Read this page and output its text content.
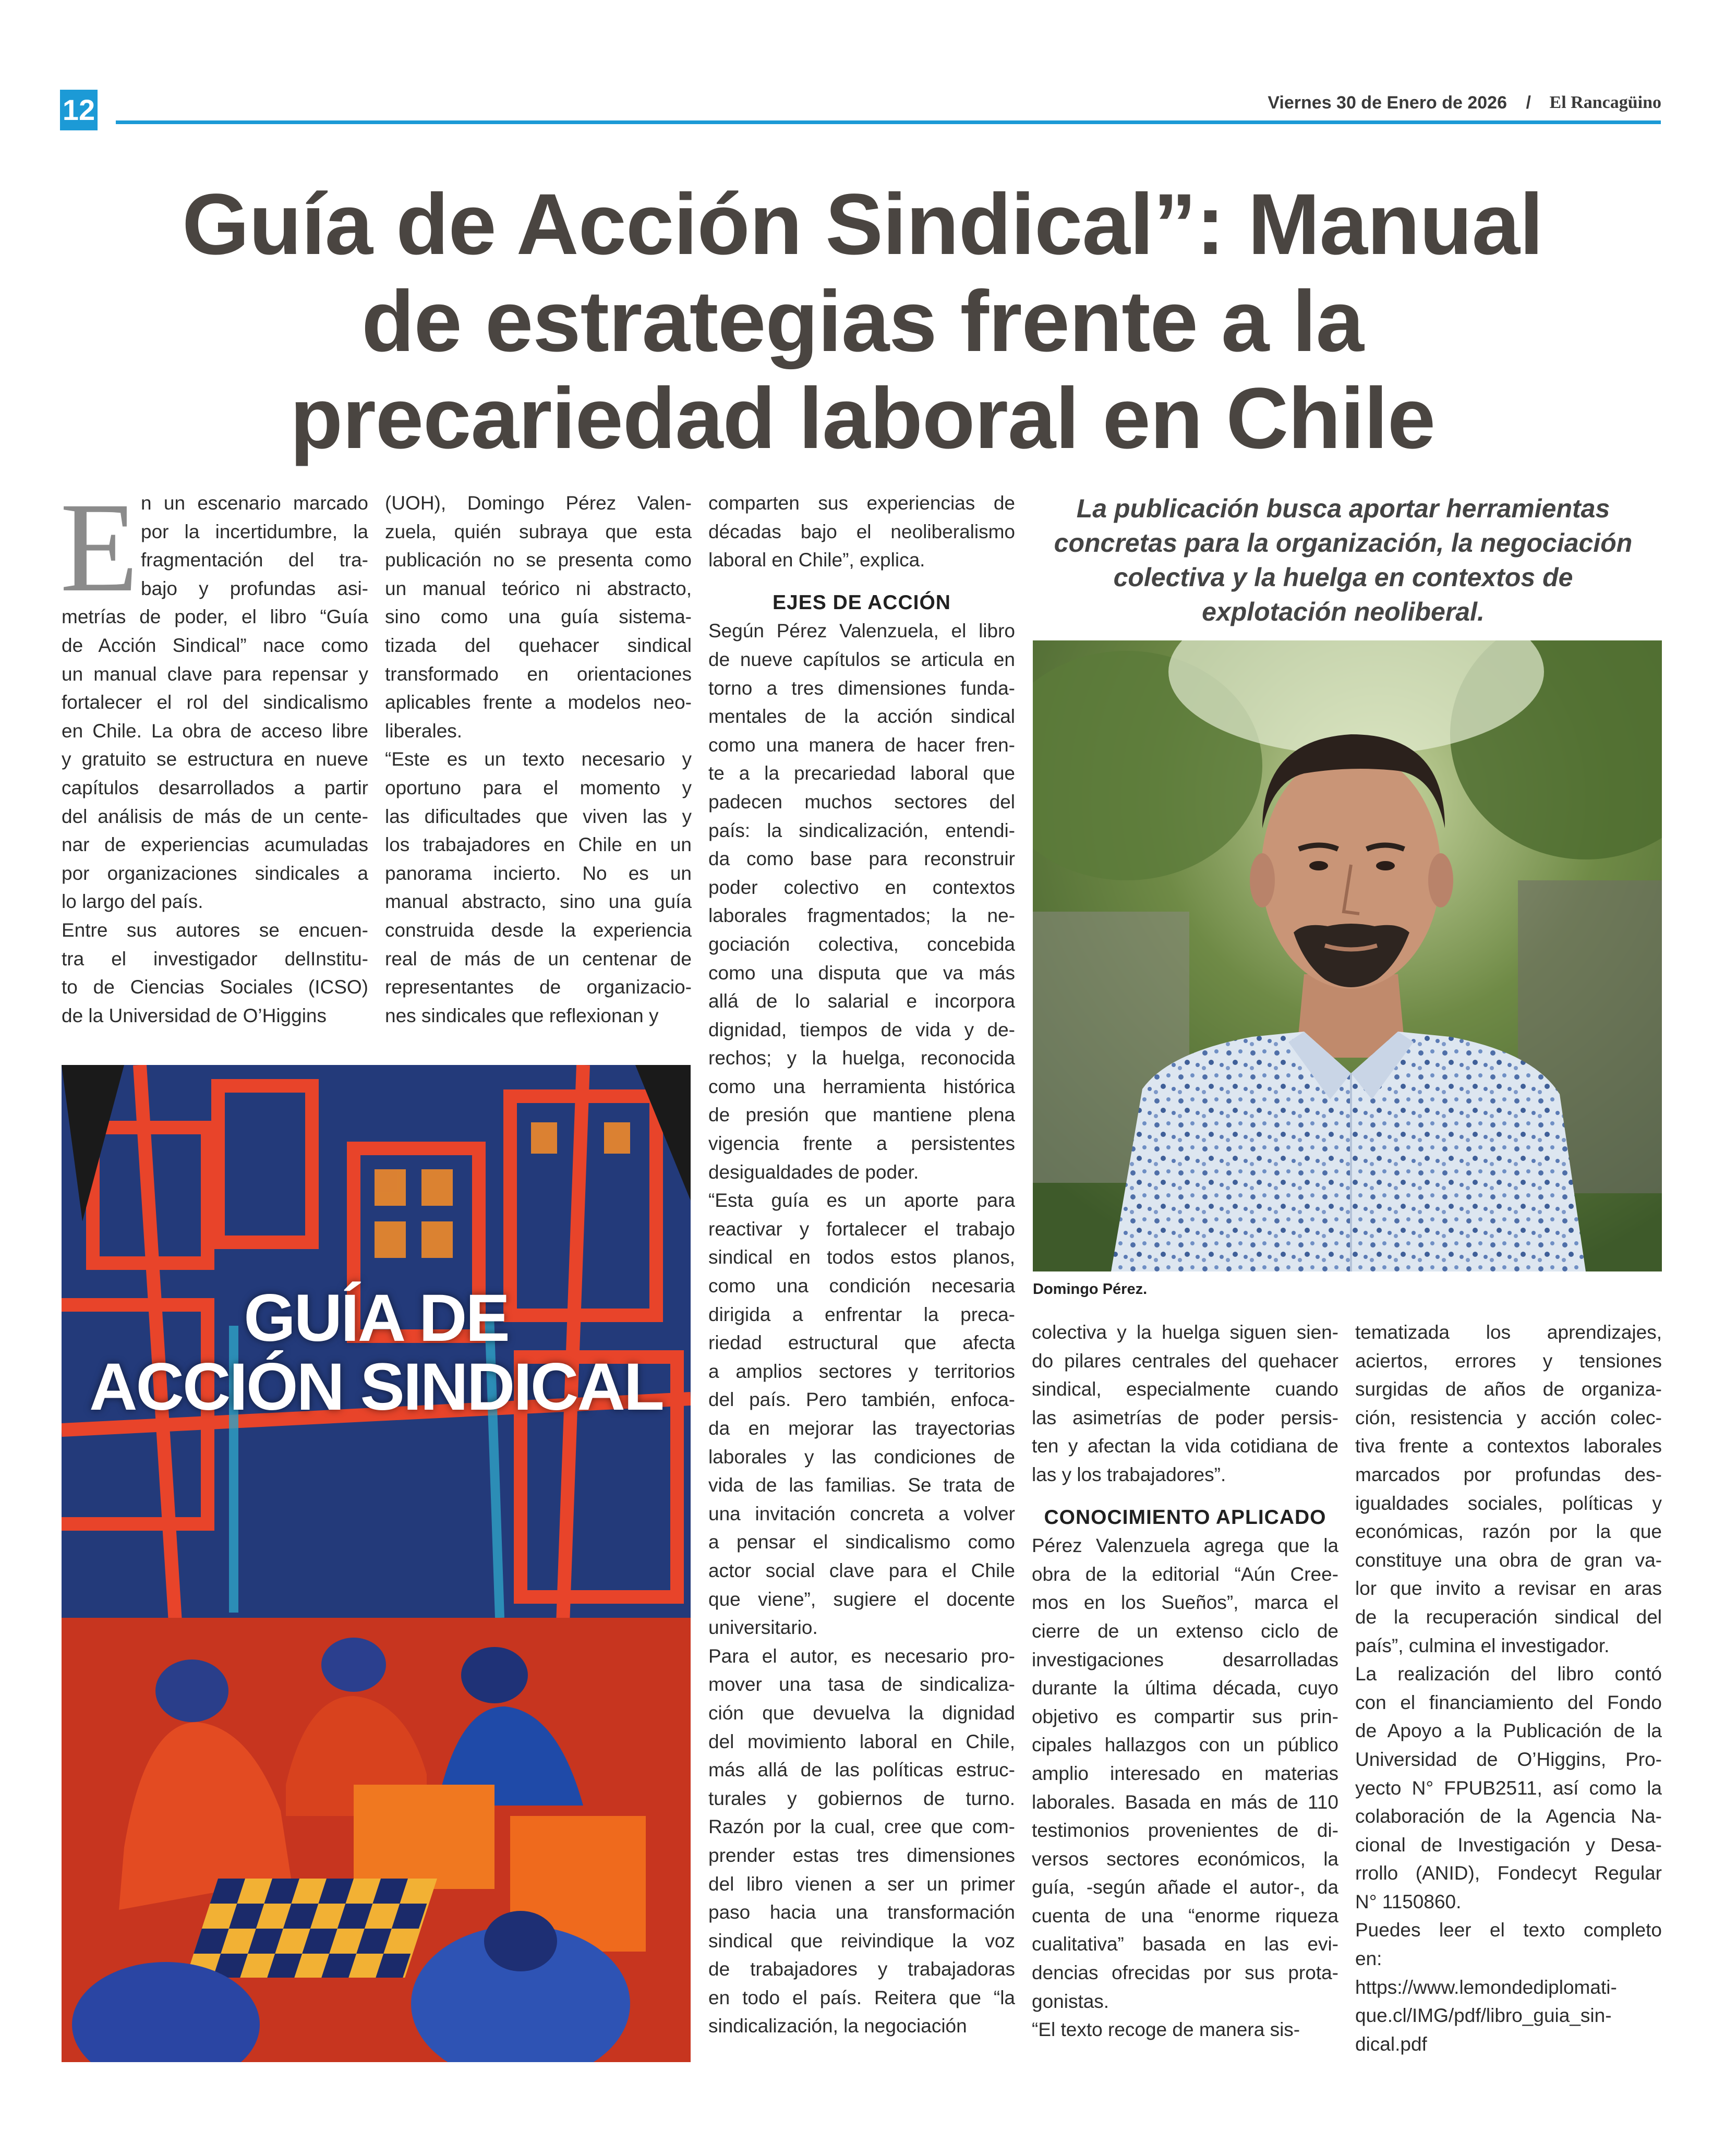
12	Viernes 30 de Enero de 2026 / El Rancagüino
Guía de Acción Sindical”: Manual
de estrategias frente a la
precariedad laboral en Chile
E n un escenario marcado
por la incertidumbre, la
fragmentación del tra-
bajo y profundas asi-
metrías de poder, el libro “Guía
de Acción Sindical” nace como
un manual clave para repensar y
fortalecer el rol del sindicalismo
en Chile. La obra de acceso libre
y gratuito se estructura en nueve
capítulos desarrollados a partir
del análisis de más de un cente-
nar de experiencias acumuladas
por organizaciones sindicales a
lo largo del país.
Entre sus autores se encuen-
tra el investigador delInstitu-
to de Ciencias Sociales (ICSO)
de la Universidad de O’Higgins
(UOH), Domingo Pérez Valen-
zuela, quién subraya que esta
publicación no se presenta como
un manual teórico ni abstracto,
sino como una guía sistema-
tizada del quehacer sindical
transformado en orientaciones
aplicables frente a modelos neo-
liberales.
“Este es un texto necesario y
oportuno para el momento y
las dificultades que viven las y
los trabajadores en Chile en un
panorama incierto. No es un
manual abstracto, sino una guía
construida desde la experiencia
real de más de un centenar de
representantes de organizacio-
nes sindicales que reflexionan y
comparten sus experiencias de
décadas bajo el neoliberalismo
laboral en Chile”, explica.

EJES DE ACCIÓN

Según Pérez Valenzuela, el libro
de nueve capítulos se articula en
torno a tres dimensiones funda-
mentales de la acción sindical
como una manera de hacer fren-
te a la precariedad laboral que
padecen muchos sectores del
país: la sindicalización, entendi-
da como base para reconstruir
poder colectivo en contextos
laborales fragmentados; la ne-
gociación colectiva, concebida
como una disputa que va más
allá de lo salarial e incorpora
dignidad, tiempos de vida y de-
rechos; y la huelga, reconocida
como una herramienta histórica
de presión que mantiene plena
vigencia frente a persistentes
desigualdades de poder.
“Esta guía es un aporte para
reactivar y fortalecer el trabajo
sindical en todos estos planos,
como una condición necesaria
dirigida a enfrentar la preca-
riedad estructural que afecta
a amplios sectores y territorios
del país. Pero también, enfoca-
da en mejorar las trayectorias
laborales y las condiciones de
vida de las familias. Se trata de
una invitación concreta a volver
a pensar el sindicalismo como
actor social clave para el Chile
que viene”, sugiere el docente
universitario.
Para el autor, es necesario pro-
mover una tasa de sindicaliza-
ción que devuelva la dignidad
del movimiento laboral en Chile,
más allá de las políticas estruc-
turales y gobiernos de turno.
Razón por la cual, cree que com-
prender estas tres dimensiones
del libro vienen a ser un primer
paso hacia una transformación
sindical que reivindique la voz
de trabajadores y trabajadoras
en todo el país. Reitera que “la
sindicalización, la negociación

La publicación busca aportar herramientas
concretas para la organización, la negociación
colectiva y la huelga en contextos de
explotación neoliberal.

Domingo Pérez.
GUÍA DE
ACCIÓN SINDICAL
colectiva y la huelga siguen sien-
do pilares centrales del quehacer
sindical, especialmente cuando
las asimetrías de poder persis-
ten y afectan la vida cotidiana de
las y los trabajadores”.

CONOCIMIENTO APLICADO

Pérez Valenzuela agrega que la
obra de la editorial “Aún Cree-
mos en los Sueños”, marca el
cierre de un extenso ciclo de
investigaciones desarrolladas
durante la última década, cuyo
objetivo es compartir sus prin-
cipales hallazgos con un público
amplio interesado en materias
laborales. Basada en más de 110
testimonios provenientes de di-
versos sectores económicos, la
guía, -según añade el autor-, da
cuenta de una “enorme riqueza
cualitativa” basada en las evi-
dencias ofrecidas por sus prota-
gonistas.
“El texto recoge de manera sis-
tematizada los aprendizajes,
aciertos, errores y tensiones
surgidas de años de organiza-
ción, resistencia y acción colec-
tiva frente a contextos laborales
marcados por profundas des-
igualdades sociales, políticas y
económicas, razón por la que
constituye una obra de gran va-
lor que invito a revisar en aras
de la recuperación sindical del
país”, culmina el investigador.
La realización del libro contó
con el financiamiento del Fondo
de Apoyo a la Publicación de la
Universidad de O’Higgins, Pro-
yecto N° FPUB2511, así como la
colaboración de la Agencia Na-
cional de Investigación y Desa-
rrollo (ANID), Fondecyt Regular
N° 1150860.
Puedes leer el texto completo
en:
https://www.lemondediplomati-
que.cl/IMG/pdf/libro_guia_sin-
dical.pdf
